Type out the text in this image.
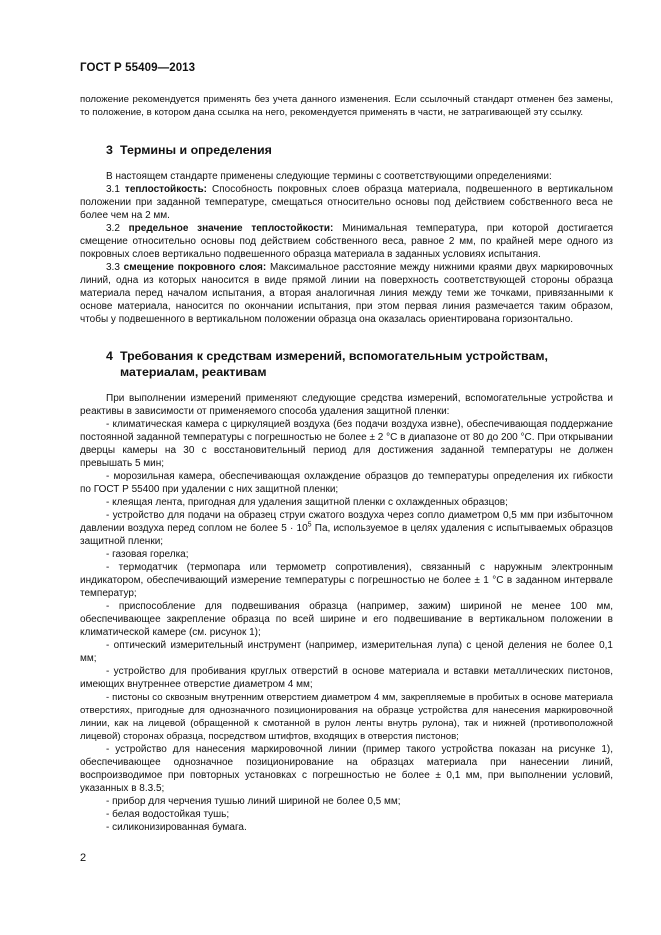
ГОСТ Р 55409—2013

положение рекомендуется применять без учета данного изменения. Если ссылочный стандарт отменен без замены, то положение, в котором дана ссылка на него, рекомендуется применять в части, не затрагивающей эту ссылку.

3 Термины и определения

В настоящем стандарте применены следующие термины с соответствующими определениями:

3.1 теплостойкость: Способность покровных слоев образца материала, подвешенного в вертикальном положении при заданной температуре, смещаться относительно основы под действием собственного веса не более чем на 2 мм.

3.2 предельное значение теплостойкости: Минимальная температура, при которой достигается смещение относительно основы под действием собственного веса, равное 2 мм, по крайней мере одного из покровных слоев вертикально подвешенного образца материала в заданных условиях испытания.

3.3 смещение покровного слоя: Максимальное расстояние между нижними краями двух маркировочных линий, одна из которых наносится в виде прямой линии на поверхность соответствующей стороны образца материала перед началом испытания, а вторая аналогичная линия между теми же точками, привязанными к основе материала, наносится по окончании испытания, при этом первая линия размечается таким образом, чтобы у подвешенного в вертикальном положении образца она оказалась ориентирована горизонтально.

4 Требования к средствам измерений, вспомогательным устройствам,
материалам, реактивам

При выполнении измерений применяют следующие средства измерений, вспомогательные устройства и реактивы в зависимости от применяемого способа удаления защитной пленки:

- климатическая камера с циркуляцией воздуха (без подачи воздуха извне), обеспечивающая поддержание постоянной заданной температуры с погрешностью не более ± 2 °С в диапазоне от 80 до 200 °С. При открывании дверцы камеры на 30 с восстановительный период для достижения заданной температуры не должен превышать 5 мин;

- морозильная камера, обеспечивающая охлаждение образцов до температуры определения их гибкости по ГОСТ Р 55400 при удалении с них защитной пленки;

- клеящая лента, пригодная для удаления защитной пленки с охлажденных образцов;

- устройство для подачи на образец струи сжатого воздуха через сопло диаметром 0,5 мм при избыточном давлении воздуха перед соплом не более $5 \cdot 10^5$ Па, используемое в целях удаления с испытываемых образцов защитной пленки;

- газовая горелка;

- термодатчик (термопара или термометр сопротивления), связанный с наружным электронным индикатором, обеспечивающий измерение температуры с погрешностью не более ± 1 °С в заданном интервале температур;

- приспособление для подвешивания образца (например, зажим) шириной не менее 100 мм, обеспечивающее закрепление образца по всей ширине и его подвешивание в вертикальном положении в климатической камере (см. рисунок 1);

- оптический измерительный инструмент (например, измерительная лупа) с ценой деления не более 0,1 мм;

- устройство для пробивания круглых отверстий в основе материала и вставки металлических пистонов, имеющих внутреннее отверстие диаметром 4 мм;

- пистоны со сквозным внутренним отверстием диаметром 4 мм, закрепляемые в пробитых в основе материала отверстиях, пригодные для однозначного позиционирования на образце устройства для нанесения маркировочной линии, как на лицевой (обращенной к смотанной в рулон ленты внутрь рулона), так и нижней (противоположной лицевой) сторонах образца, посредством штифтов, входящих в отверстия пистонов;

- устройство для нанесения маркировочной линии (пример такого устройства показан на рисунке 1), обеспечивающее однозначное позиционирование на образцах материала при нанесении линий, воспроизводимое при повторных установках с погрешностью не более ± 0,1 мм, при выполнении условий, указанных в 8.3.5;

- прибор для черчения тушью линий шириной не более 0,5 мм;

- белая водостойкая тушь;

- силиконизированная бумага.

2
